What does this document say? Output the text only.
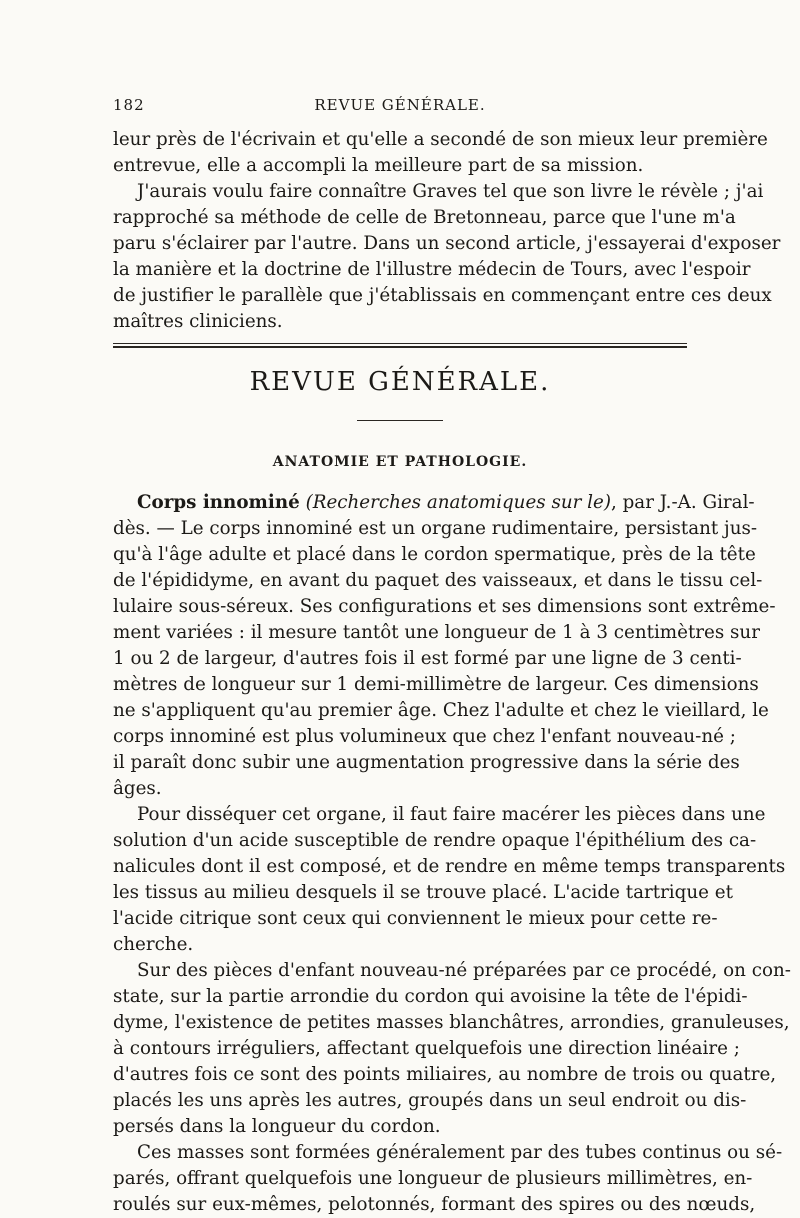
182	REVUE GÉNÉRALE.
leur près de l'écrivain et qu'elle a secondé de son mieux leur première
entrevue, elle a accompli la meilleure part de sa mission.
J'aurais voulu faire connaître Graves tel que son livre le révèle ; j'ai
rapproché sa méthode de celle de Bretonneau, parce que l'une m'a
paru s'éclairer par l'autre. Dans un second article, j'essayerai d'exposer
la manière et la doctrine de l'illustre médecin de Tours, avec l'espoir
de justifier le parallèle que j'établissais en commençant entre ces deux
maîtres cliniciens.
REVUE GÉNÉRALE.
ANATOMIE ET PATHOLOGIE.
Corps innominé (Recherches anatomiques sur le), par J.-A. Giral-
dès. — Le corps innominé est un organe rudimentaire, persistant jus-
qu'à l'âge adulte et placé dans le cordon spermatique, près de la tête
de l'épididyme, en avant du paquet des vaisseaux, et dans le tissu cel-
lulaire sous-séreux. Ses configurations et ses dimensions sont extrême-
ment variées : il mesure tantôt une longueur de 1 à 3 centimètres sur
1 ou 2 de largeur, d'autres fois il est formé par une ligne de 3 centi-
mètres de longueur sur 1 demi-millimètre de largeur. Ces dimensions
ne s'appliquent qu'au premier âge. Chez l'adulte et chez le vieillard, le
corps innominé est plus volumineux que chez l'enfant nouveau-né ;
il paraît donc subir une augmentation progressive dans la série des
âges.
Pour disséquer cet organe, il faut faire macérer les pièces dans une
solution d'un acide susceptible de rendre opaque l'épithélium des ca-
nalicules dont il est composé, et de rendre en même temps transparents
les tissus au milieu desquels il se trouve placé. L'acide tartrique et
l'acide citrique sont ceux qui conviennent le mieux pour cette re-
cherche.
Sur des pièces d'enfant nouveau-né préparées par ce procédé, on con-
state, sur la partie arrondie du cordon qui avoisine la tête de l'épidi-
dyme, l'existence de petites masses blanchâtres, arrondies, granuleuses,
à contours irréguliers, affectant quelquefois une direction linéaire ;
d'autres fois ce sont des points miliaires, au nombre de trois ou quatre,
placés les uns après les autres, groupés dans un seul endroit ou dis-
persés dans la longueur du cordon.
Ces masses sont formées généralement par des tubes continus ou sé-
parés, offrant quelquefois une longueur de plusieurs millimètres, en-
roulés sur eux-mêmes, pelotonnés, formant des spires ou des nœuds,
